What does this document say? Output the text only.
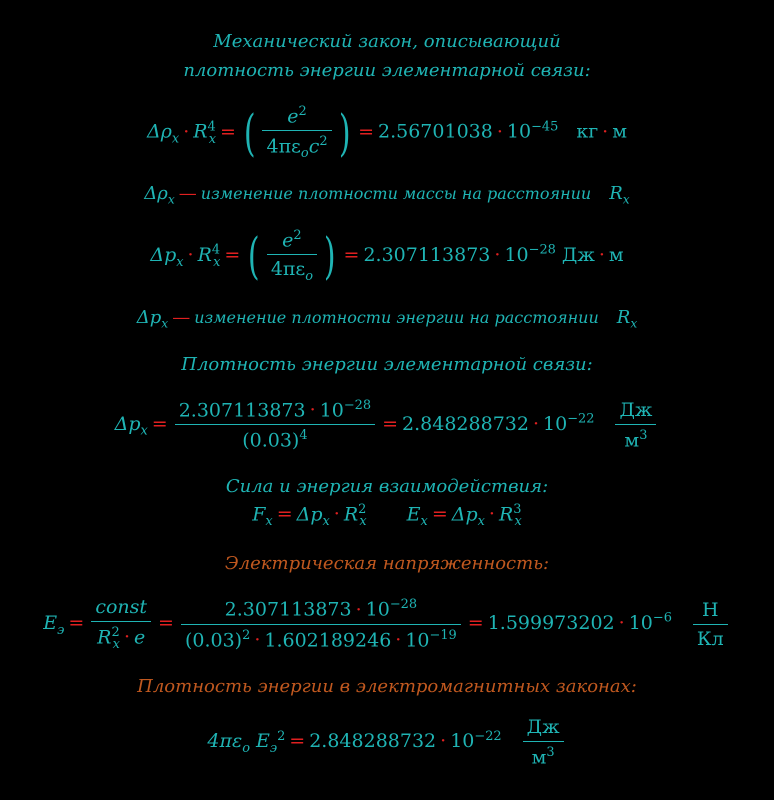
Механический закон, описывающий
плотность энергии элементарной связи:
$\Delta\rho_x \cdot R^4_x$ = ( $\frac{e^2}{4\pi\varepsilon_oc^2}$ ) = $2.56701038 \cdot 10^{-45}$ кг · м
$\Delta\rho_x$ — изменение плотности массы на расстоянии $R_x$
$\Delta p_x \cdot R^4_x$ = ( $\frac{e^2}{4\pi\varepsilon_o}$ ) = $2.307113873 \cdot 10^{-28}$ Дж · м
$\Delta p_x$ — изменение плотности энергии на расстоянии $R_x$
Плотность энергии элементарной связи:
$\Delta p_x = \frac{2.307113873 \cdot 10^{-28}}{(0.03)^4} = 2.848288732 \cdot 10^{-22} \frac{Дж}{м^3}$
Сила и энергия взаимодействия:
$F_x = \Delta p_x \cdot R^2_x$ $E_x = \Delta p_x \cdot R^3_x$
Электрическая напряженность:
$E_э = \frac{\text{const}}{R^2_x \cdot e} = \frac{2.307113873 \cdot 10^{-28}}{(0.03)^2 \cdot 1.602189246 \cdot 10^{-19}} = 1.599973202 \cdot 10^{-6} \frac{Н}{Кл}$
Плотность энергии в электромагнитных законах:
$4\pi\varepsilon_o$ $E_э^2 = 2.848288732 \cdot 10^{-22} \frac{Дж}{м^3}$
